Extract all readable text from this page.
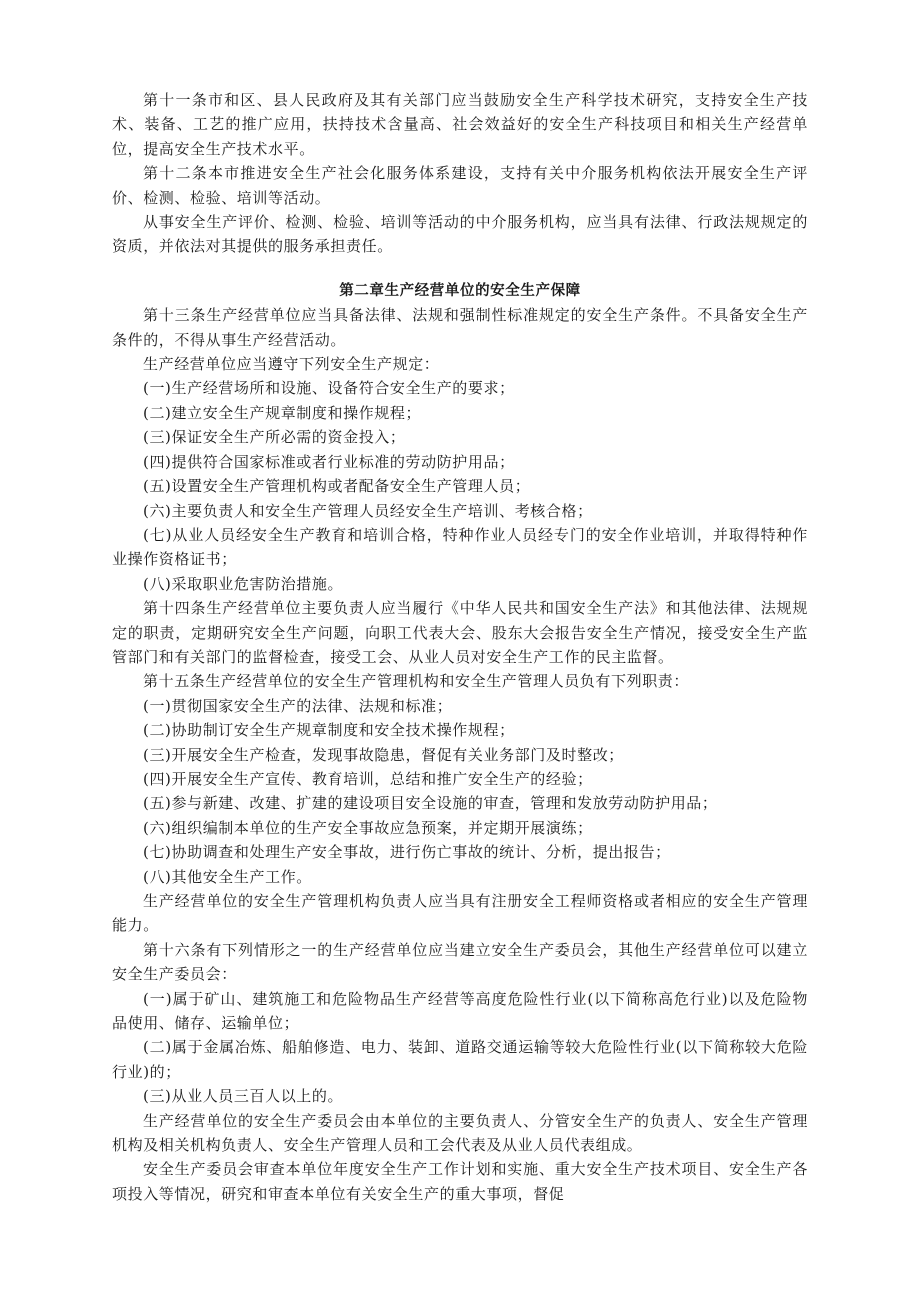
第十一条市和区、县人民政府及其有关部门应当鼓励安全生产科学技术研究，支持安全生产技术、装备、工艺的推广应用，扶持技术含量高、社会效益好的安全生产科技项目和相关生产经营单位，提高安全生产技术水平。

第十二条本市推进安全生产社会化服务体系建设，支持有关中介服务机构依法开展安全生产评价、检测、检验、培训等活动。

从事安全生产评价、检测、检验、培训等活动的中介服务机构，应当具有法律、行政法规规定的资质，并依法对其提供的服务承担责任。

第二章生产经营单位的安全生产保障

第十三条生产经营单位应当具备法律、法规和强制性标准规定的安全生产条件。不具备安全生产条件的，不得从事生产经营活动。

生产经营单位应当遵守下列安全生产规定：

(一)生产经营场所和设施、设备符合安全生产的要求；

(二)建立安全生产规章制度和操作规程；

(三)保证安全生产所必需的资金投入；

(四)提供符合国家标准或者行业标准的劳动防护用品；

(五)设置安全生产管理机构或者配备安全生产管理人员；

(六)主要负责人和安全生产管理人员经安全生产培训、考核合格；

(七)从业人员经安全生产教育和培训合格，特种作业人员经专门的安全作业培训，并取得特种作业操作资格证书；

(八)采取职业危害防治措施。

第十四条生产经营单位主要负责人应当履行《中华人民共和国安全生产法》和其他法律、法规规定的职责，定期研究安全生产问题，向职工代表大会、股东大会报告安全生产情况，接受安全生产监管部门和有关部门的监督检查，接受工会、从业人员对安全生产工作的民主监督。

第十五条生产经营单位的安全生产管理机构和安全生产管理人员负有下列职责：

(一)贯彻国家安全生产的法律、法规和标准；

(二)协助制订安全生产规章制度和安全技术操作规程；

(三)开展安全生产检查，发现事故隐患，督促有关业务部门及时整改；

(四)开展安全生产宣传、教育培训，总结和推广安全生产的经验；

(五)参与新建、改建、扩建的建设项目安全设施的审查，管理和发放劳动防护用品；

(六)组织编制本单位的生产安全事故应急预案，并定期开展演练；

(七)协助调查和处理生产安全事故，进行伤亡事故的统计、分析，提出报告；

(八)其他安全生产工作。

生产经营单位的安全生产管理机构负责人应当具有注册安全工程师资格或者相应的安全生产管理能力。

第十六条有下列情形之一的生产经营单位应当建立安全生产委员会，其他生产经营单位可以建立安全生产委员会：

(一)属于矿山、建筑施工和危险物品生产经营等高度危险性行业(以下简称高危行业)以及危险物品使用、储存、运输单位；

(二)属于金属冶炼、船舶修造、电力、装卸、道路交通运输等较大危险性行业(以下简称较大危险行业)的；

(三)从业人员三百人以上的。

生产经营单位的安全生产委员会由本单位的主要负责人、分管安全生产的负责人、安全生产管理机构及相关机构负责人、安全生产管理人员和工会代表及从业人员代表组成。

安全生产委员会审查本单位年度安全生产工作计划和实施、重大安全生产技术项目、安全生产各项投入等情况，研究和审查本单位有关安全生产的重大事项，督促
